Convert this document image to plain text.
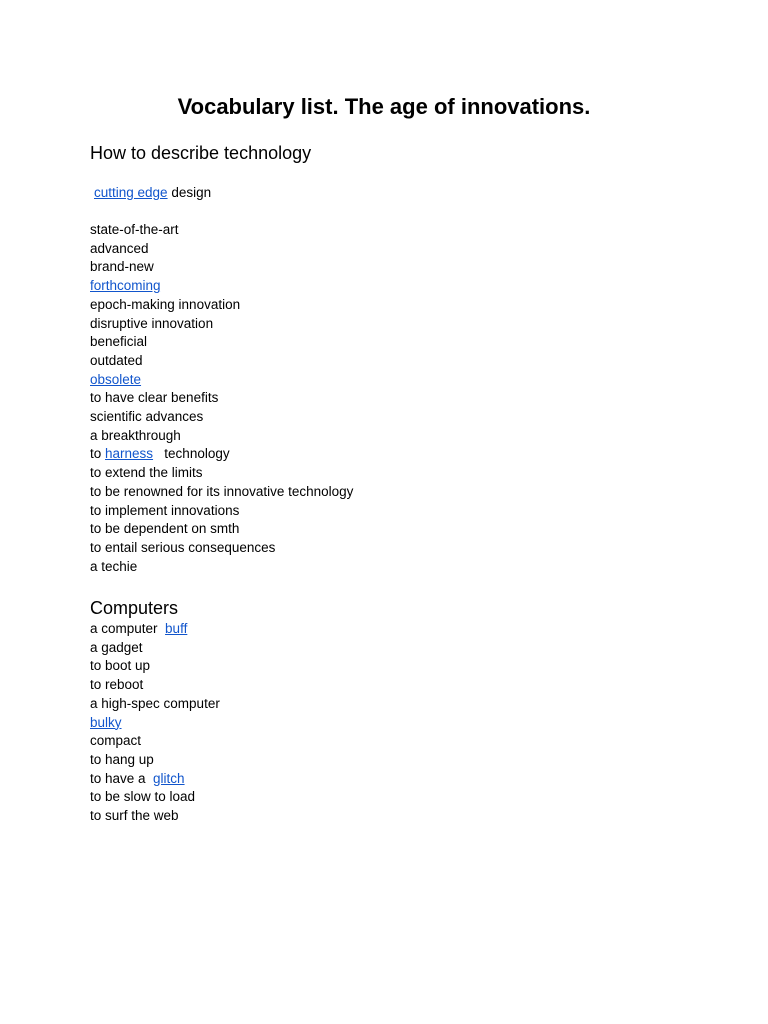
Vocabulary list. The age of innovations.
How to describe technology
cutting edge design
state-of-the-art
advanced
brand-new
forthcoming
epoch-making innovation
disruptive innovation
beneficial
outdated
obsolete
to have clear benefits
scientific advances
a breakthrough
to harness   technology
to extend the limits
to be renowned for its innovative technology
to implement innovations
to be dependent on smth
to entail serious consequences
a techie
Computers
a computer  buff
a gadget
to boot up
to reboot
a high-spec computer
bulky
compact
to hang up
to have a  glitch
to be slow to load
to surf the web
